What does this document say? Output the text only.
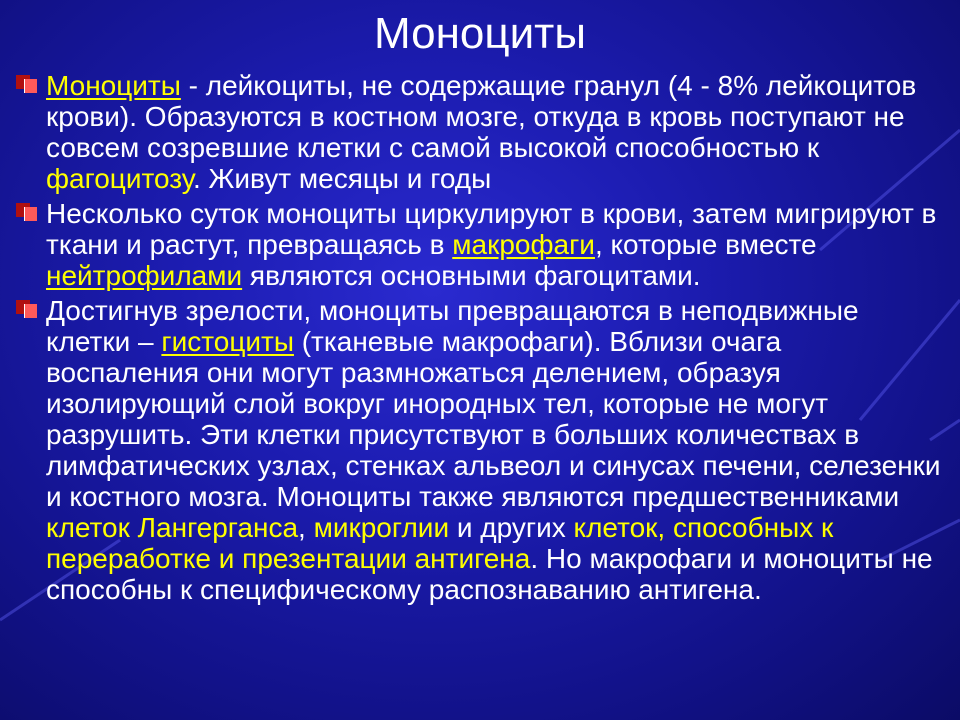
Моноциты
Моноциты - лейкоциты, не содержащие гранул (4 - 8% лейкоцитов крови). Образуются в костном мозге, откуда в кровь поступают не совсем созревшие клетки с самой высокой способностью к фагоцитозу. Живут месяцы и годы
Несколько суток моноциты циркулируют в крови, затем мигрируют в ткани и растут, превращаясь в макрофаги, которые вместе нейтрофилами являются основными фагоцитами.
Достигнув зрелости, моноциты превращаются в неподвижные клетки – гистоциты (тканевые макрофаги). Вблизи очага воспаления они могут размножаться делением, образуя изолирующий слой вокруг инородных тел, которые не могут разрушить. Эти клетки присутствуют в больших количествах в лимфатических узлах, стенках альвеол и синусах печени, селезенки и костного мозга. Моноциты также являются предшественниками клеток Лангерганса, микроглии и других клеток, способных к переработке и презентации антигена. Но макрофаги и моноциты не способны к специфическому распознаванию антигена.
